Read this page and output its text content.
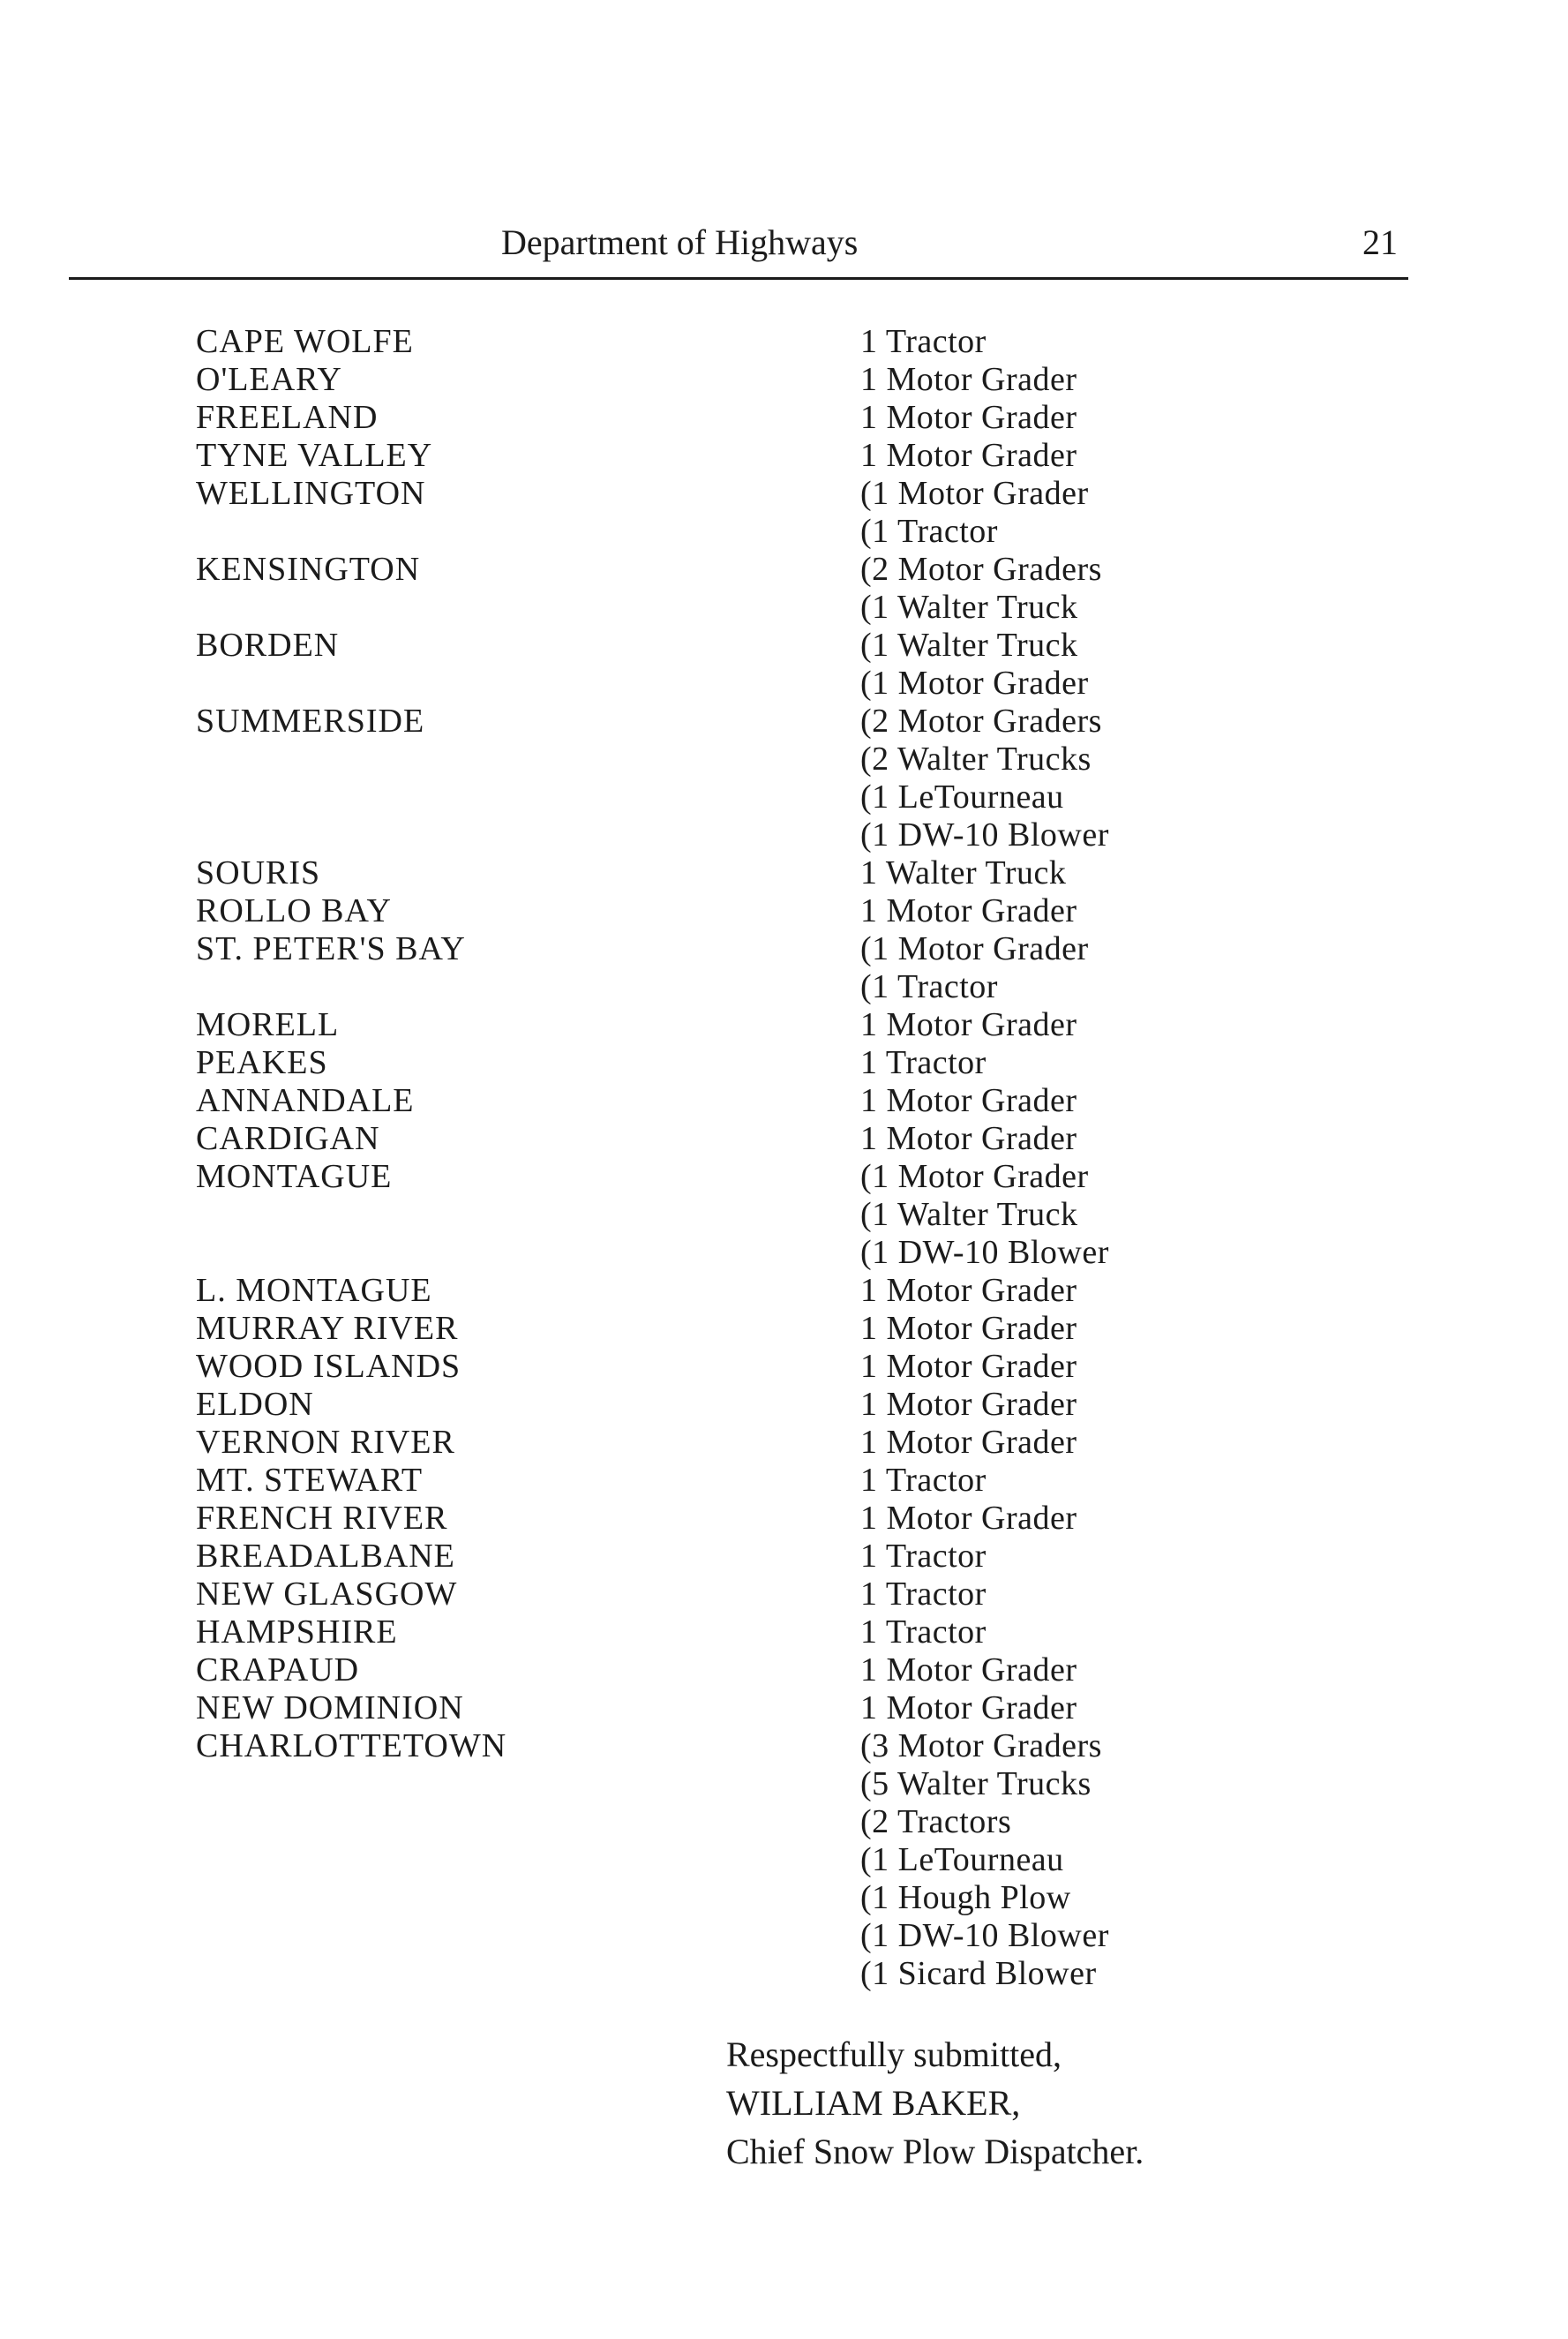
Department of Highways	21
CAPE WOLFE	1 Tractor
O'LEARY	1 Motor Grader
FREELAND	1 Motor Grader
TYNE VALLEY	1 Motor Grader
WELLINGTON	(1 Motor Grader
(1 Tractor
KENSINGTON	(2 Motor Graders
(1 Walter Truck
BORDEN	(1 Walter Truck
(1 Motor Grader
SUMMERSIDE	(2 Motor Graders
(2 Walter Trucks
(1 LeTourneau
(1 DW-10 Blower
SOURIS	1 Walter Truck
ROLLO BAY	1 Motor Grader
ST. PETER'S BAY	(1 Motor Grader
(1 Tractor
MORELL	1 Motor Grader
PEAKES	1 Tractor
ANNANDALE	1 Motor Grader
CARDIGAN	1 Motor Grader
MONTAGUE	(1 Motor Grader
(1 Walter Truck
(1 DW-10 Blower
L. MONTAGUE	1 Motor Grader
MURRAY RIVER	1 Motor Grader
WOOD ISLANDS	1 Motor Grader
ELDON	1 Motor Grader
VERNON RIVER	1 Motor Grader
MT. STEWART	1 Tractor
FRENCH RIVER	1 Motor Grader
BREADALBANE	1 Tractor
NEW GLASGOW	1 Tractor
HAMPSHIRE	1 Tractor
CRAPAUD	1 Motor Grader
NEW DOMINION	1 Motor Grader
CHARLOTTETOWN	(3 Motor Graders
(5 Walter Trucks
(2 Tractors
(1 LeTourneau
(1 Hough Plow
(1 DW-10 Blower
(1 Sicard Blower
Respectfully submitted,
WILLIAM BAKER,
Chief Snow Plow Dispatcher.
